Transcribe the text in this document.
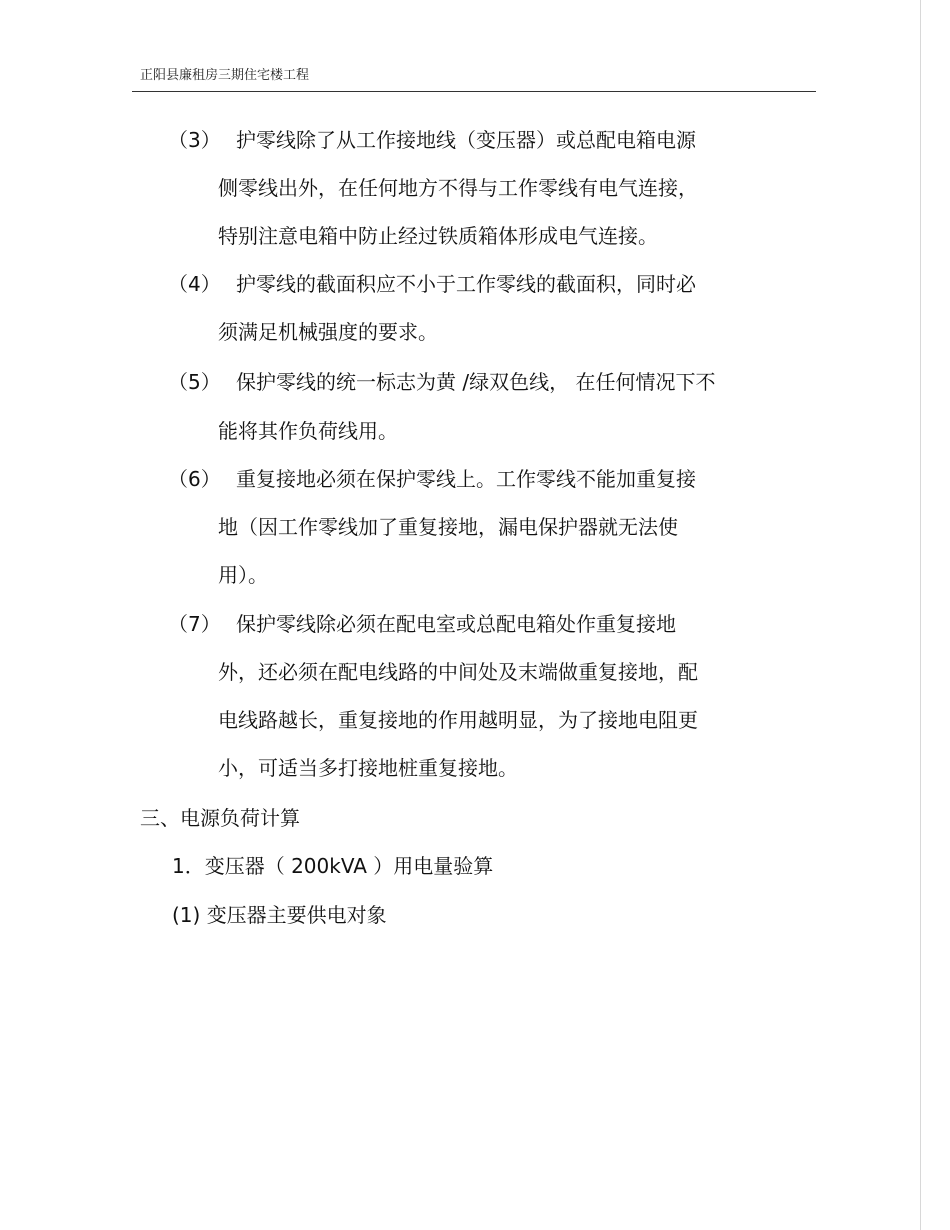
正阳县廉租房三期住宅楼工程
（3） 护零线除了从工作接地线（变压器）或总配电箱电源
侧零线出外，在任何地方不得与工作零线有电气连接，
特别注意电箱中防止经过铁质箱体形成电气连接。
（4） 护零线的截面积应不小于工作零线的截面积，同时必
须满足机械强度的要求。
（5） 保护零线的统一标志为黄 /绿双色线， 在任何情况下不
能将其作负荷线用。
（6） 重复接地必须在保护零线上。工作零线不能加重复接
地（因工作零线加了重复接地，漏电保护器就无法使
用）。
（7） 保护零线除必须在配电室或总配电箱处作重复接地
外，还必须在配电线路的中间处及末端做重复接地，配
电线路越长，重复接地的作用越明显，为了接地电阻更
小，可适当多打接地桩重复接地。
三、电源负荷计算
1．变压器（ 200kVA ）用电量验算
(1) 变压器主要供电对象
